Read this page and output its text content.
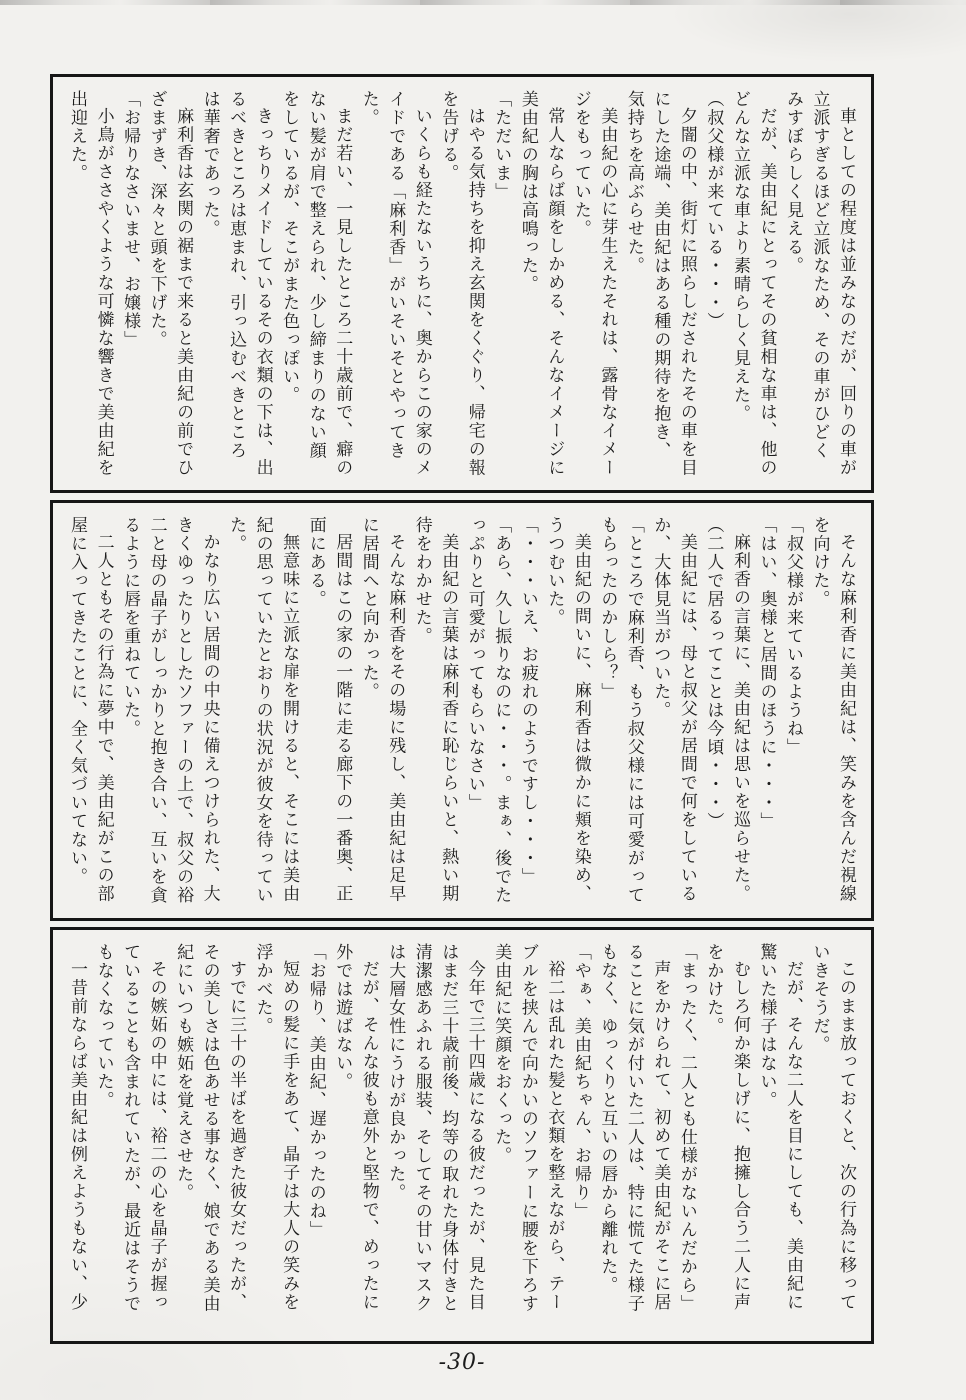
車としての程度は並みなのだが、回りの車が立派すぎるほど立派なため、その車がひどくみすぼらしく見える。

だが、美由紀にとってその貧相な車は、他のどんな立派な車より素晴らしく見えた。

（叔父様が来ている・・・）

夕闇の中、街灯に照らしだされたその車を目にした途端、美由紀はある種の期待を抱き、気持ちを高ぶらせた。

美由紀の心に芽生えたそれは、露骨なイメージをもっていた。

常人ならば顔をしかめる、そんなイメージに美由紀の胸は高鳴った。

「ただいま」

はやる気持ちを抑え玄関をくぐり、帰宅の報を告げる。

いくらも経たないうちに、奥からこの家のメイドである「麻利香」がいそいそとやってきた。

まだ若い、一見したところ二十歳前で、癖のない髪が肩で整えられ、少し締まりのない顔をしているが、そこがまた色っぽい。

きっちりメイドしているその衣類の下は、出るべきところは恵まれ、引っ込むべきところは華奢であった。

麻利香は玄関の裾まで来ると美由紀の前でひざまずき、深々と頭を下げた。

「お帰りなさいませ、お嬢様」

小鳥がささやくような可憐な響きで美由紀を出迎えた。

そんな麻利香に美由紀は、笑みを含んだ視線を向けた。

「叔父様が来ているようね」

「はい、奥様と居間のほうに・・・」

麻利香の言葉に、美由紀は思いを巡らせた。

（二人で居るってことは今頃・・・）

美由紀には、母と叔父が居間で何をしているか、大体見当がついた。

「ところで麻利香、もう叔父様には可愛がってもらったのかしら？」

美由紀の問いに、麻利香は微かに頬を染め、うつむいた。

「・・・いえ、お疲れのようですし・・・」

「あら、久し振りなのに・・・。まぁ、後でたっぷりと可愛がってもらいなさい」

美由紀の言葉は麻利香に恥じらいと、熱い期待をわかせた。

そんな麻利香をその場に残し、美由紀は足早に居間へと向かった。

居間はこの家の一階に走る廊下の一番奥、正面にある。

無意味に立派な扉を開けると、そこには美由紀の思っていたとおりの状況が彼女を待っていた。

かなり広い居間の中央に備えつけられた、大きくゆったりとしたソファーの上で、叔父の裕二と母の晶子がしっかりと抱き合い、互いを貪るように唇を重ねていた。

二人ともその行為に夢中で、美由紀がこの部屋に入ってきたことに、全く気づいてない。

このまま放っておくと、次の行為に移っていきそうだ。

だが、そんな二人を目にしても、美由紀に驚いた様子はない。

むしろ何か楽しげに、抱擁し合う二人に声をかけた。

「まったく、二人とも仕様がないんだから」

声をかけられて、初めて美由紀がそこに居ることに気が付いた二人は、特に慌てた様子もなく、ゆっくりと互いの唇から離れた。

「やぁ、美由紀ちゃん、お帰り」

裕二は乱れた髪と衣類を整えながら、テーブルを挟んで向かいのソファーに腰を下ろす美由紀に笑顔をおくった。

今年で三十四歳になる彼だったが、見た目はまだ三十歳前後、均等の取れた身体付きと清潔感あふれる服装、そしてその甘いマスクは大層女性にうけが良かった。

だが、そんな彼も意外と堅物で、めったに外では遊ばない。

「お帰り、美由紀、遅かったのね」

短めの髪に手をあて、晶子は大人の笑みを浮かべた。

すでに三十の半ばを過ぎた彼女だったが、その美しさは色あせる事なく、娘である美由紀にいつも嫉妬を覚えさせた。

その嫉妬の中には、裕二の心を晶子が握っていることも含まれていたが、最近はそうでもなくなっていた。

一昔前ならば美由紀は例えようもない、少

-30-
